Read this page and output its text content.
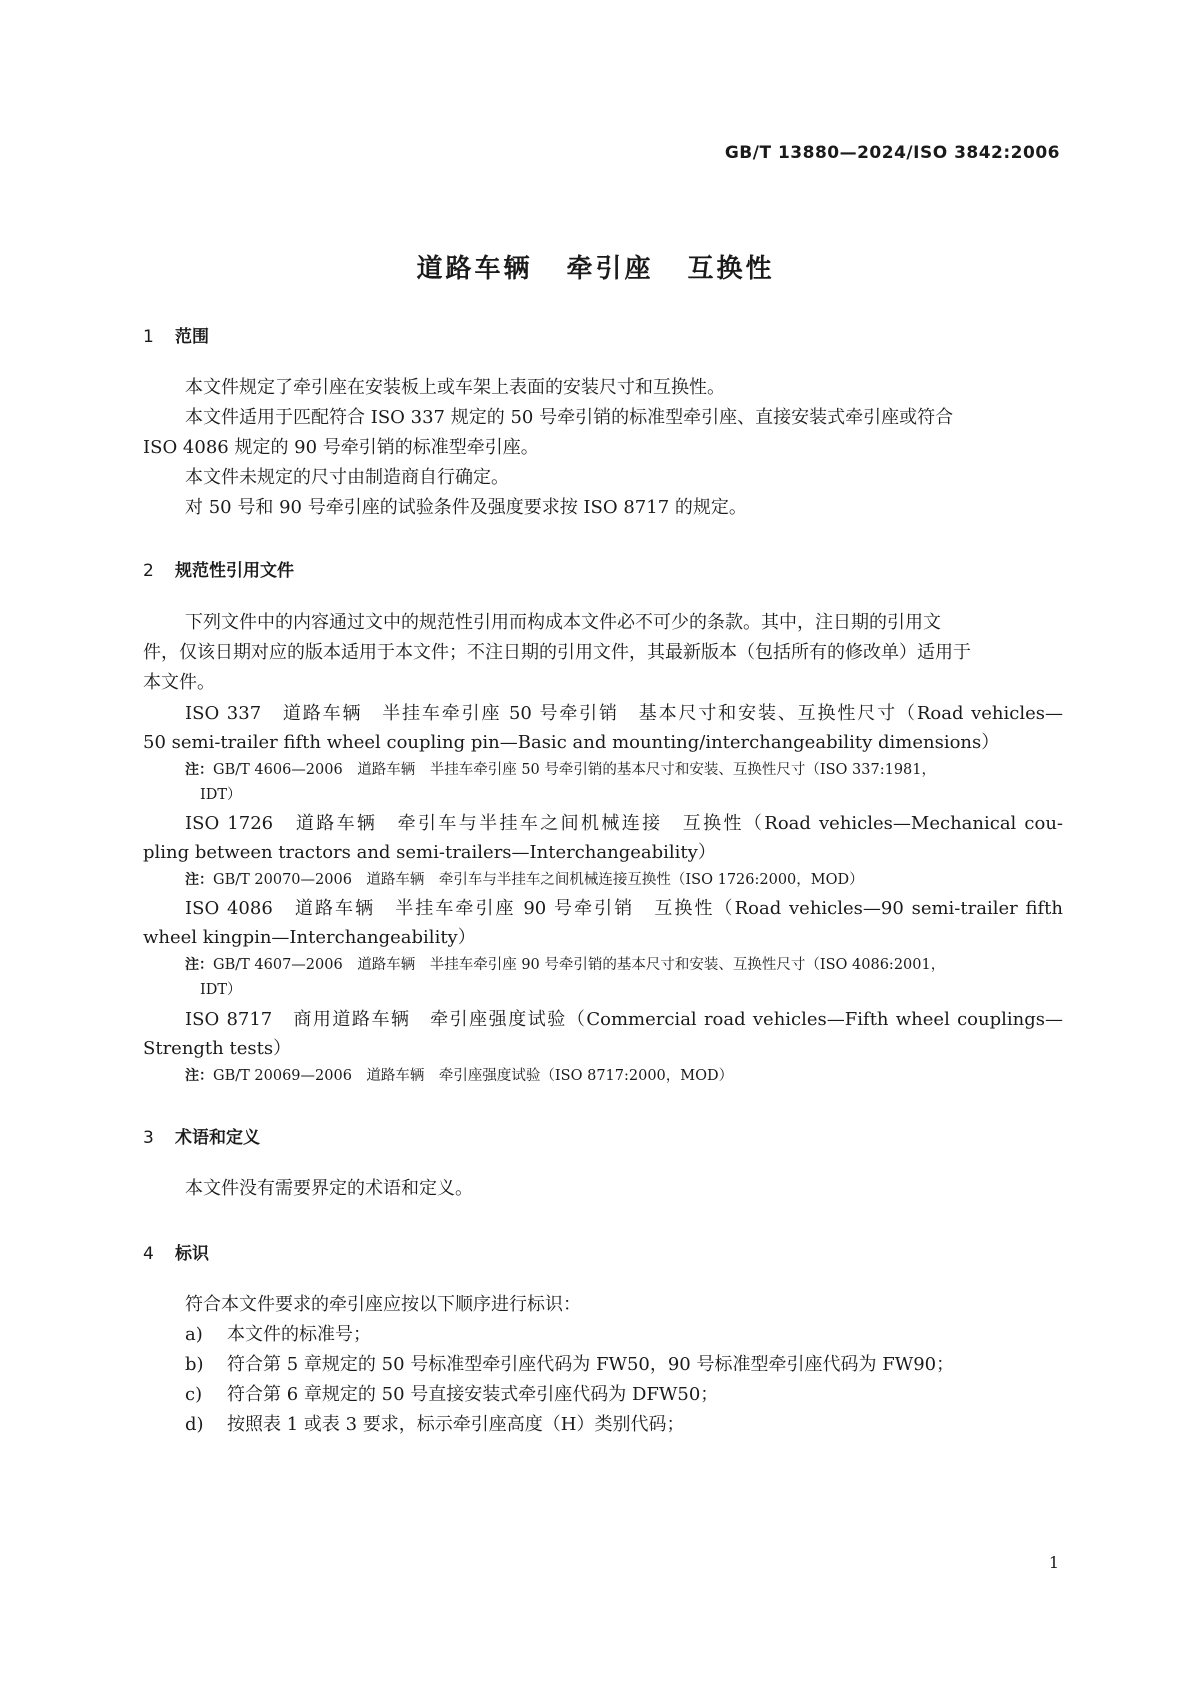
GB/T 13880—2024/ISO 3842:2006
道路车辆 牵引座 互换性
1 范围
本文件规定了牵引座在安装板上或车架上表面的安装尺寸和互换性。
本文件适用于匹配符合 ISO 337 规定的 50 号牵引销的标准型牵引座、直接安装式牵引座或符合
ISO 4086 规定的 90 号牵引销的标准型牵引座。
本文件未规定的尺寸由制造商自行确定。
对 50 号和 90 号牵引座的试验条件及强度要求按 ISO 8717 的规定。
2 规范性引用文件
下列文件中的内容通过文中的规范性引用而构成本文件必不可少的条款。其中，注日期的引用文
件，仅该日期对应的版本适用于本文件；不注日期的引用文件，其最新版本（包括所有的修改单）适用于
本文件。
ISO 337　道路车辆　半挂车牵引座 50 号牵引销　基本尺寸和安装、互换性尺寸（Road vehicles—
50 semi-trailer fifth wheel coupling pin—Basic and mounting/interchangeability dimensions）
注：GB/T 4606—2006　道路车辆　半挂车牵引座 50 号牵引销的基本尺寸和安装、互换性尺寸（ISO 337:1981，
IDT）
ISO 1726　道路车辆　牵引车与半挂车之间机械连接　互换性（Road vehicles—Mechanical cou-
pling between tractors and semi-trailers—Interchangeability）
注：GB/T 20070—2006　道路车辆　牵引车与半挂车之间机械连接互换性（ISO 1726:2000，MOD）
ISO 4086　道路车辆　半挂车牵引座 90 号牵引销　互换性（Road vehicles—90 semi-trailer fifth
wheel kingpin—Interchangeability）
注：GB/T 4607—2006　道路车辆　半挂车牵引座 90 号牵引销的基本尺寸和安装、互换性尺寸（ISO 4086:2001，
IDT）
ISO 8717　商用道路车辆　牵引座强度试验（Commercial road vehicles—Fifth wheel couplings—
Strength tests）
注：GB/T 20069—2006　道路车辆　牵引座强度试验（ISO 8717:2000，MOD）
3 术语和定义
本文件没有需要界定的术语和定义。
4 标识
符合本文件要求的牵引座应按以下顺序进行标识：
a) 本文件的标准号；
b) 符合第 5 章规定的 50 号标准型牵引座代码为 FW50，90 号标准型牵引座代码为 FW90；
c) 符合第 6 章规定的 50 号直接安装式牵引座代码为 DFW50；
d) 按照表 1 或表 3 要求，标示牵引座高度（H）类别代码；
1
